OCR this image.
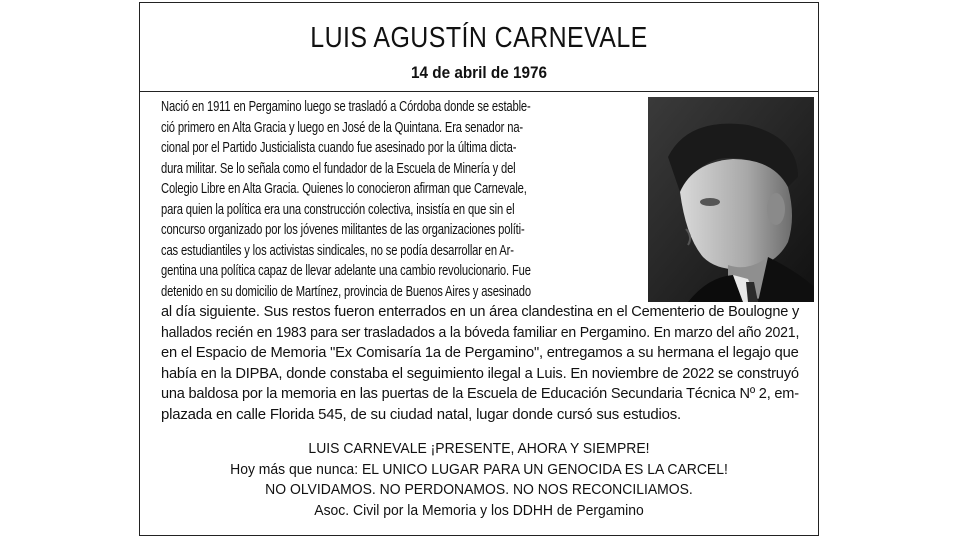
LUIS AGUSTÍN CARNEVALE
14 de abril de 1976
Nació en 1911 en Pergamino luego se trasladó a Córdoba donde se estable-
ció primero en Alta Gracia y luego en José de la Quintana. Era senador na-
cional por el Partido Justicialista cuando fue asesinado por la última dicta-
dura militar. Se lo señala como el fundador de la Escuela de Minería y del
Colegio Libre en Alta Gracia. Quienes lo conocieron afirman que Carnevale,
para quien la política era una construcción colectiva, insistía en que sin el
concurso organizado por los jóvenes militantes de las organizaciones políti-
cas estudiantiles y los activistas sindicales, no se podía desarrollar en Ar-
gentina una política capaz de llevar adelante una cambio revolucionario. Fue
detenido en su domicilio de Martínez, provincia de Buenos Aires y asesinado
al día siguiente. Sus restos fueron enterrados en un área clandestina en el Cementerio de Boulogne y
hallados recién en 1983 para ser trasladados a la bóveda familiar en Pergamino. En marzo del año 2021,
en el Espacio de Memoria "Ex Comisaría 1a de Pergamino", entregamos a su hermana el legajo que
había en la DIPBA, donde constaba el seguimiento ilegal a Luis. En noviembre de 2022 se construyó
una baldosa por la memoria en las puertas de la Escuela de Educación Secundaria Técnica Nº 2, em-
plazada en calle Florida 545, de su ciudad natal, lugar donde cursó sus estudios.
LUIS CARNEVALE ¡PRESENTE, AHORA Y SIEMPRE!
Hoy más que nunca: EL UNICO LUGAR PARA UN GENOCIDA ES LA CARCEL!
NO OLVIDAMOS. NO PERDONAMOS. NO NOS RECONCILIAMOS.
Asoc. Civil por la Memoria y los DDHH de Pergamino
